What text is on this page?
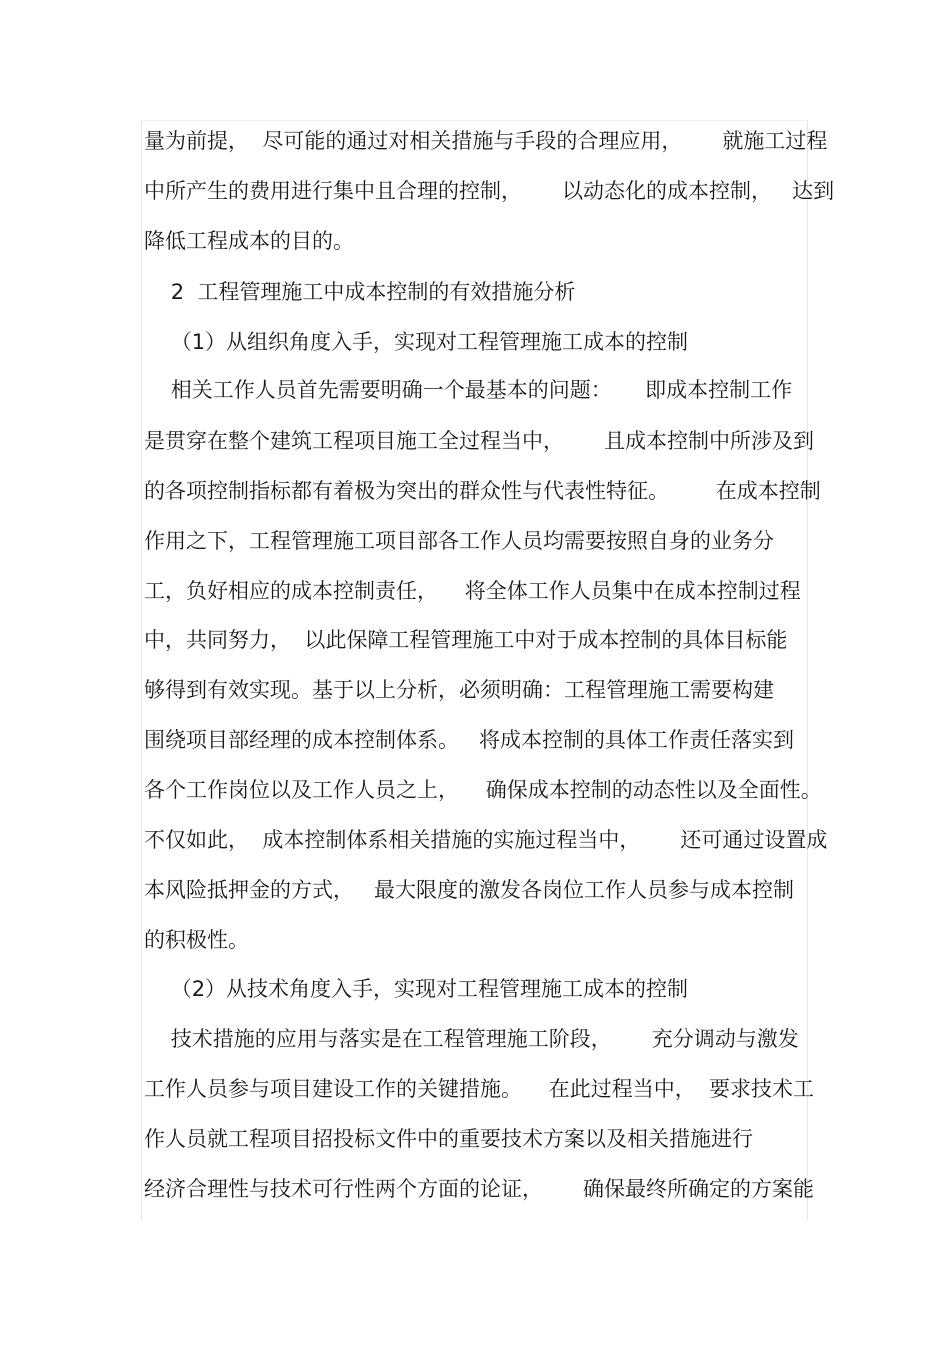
量为前提，  尽可能的通过对相关措施与手段的合理应用，      就施工过程
中所产生的费用进行集中且合理的控制，      以动态化的成本控制，   达到
降低工程成本的目的。
2  工程管理施工中成本控制的有效措施分析
（1）从组织角度入手，实现对工程管理施工成本的控制
相关工作人员首先需要明确一个最基本的问题：     即成本控制工作
是贯穿在整个建筑工程项目施工全过程当中，      且成本控制中所涉及到
的各项控制指标都有着极为突出的群众性与代表性特征。       在成本控制
作用之下，工程管理施工项目部各工作人员均需要按照自身的业务分
工，负好相应的成本控制责任，    将全体工作人员集中在成本控制过程
中，共同努力，  以此保障工程管理施工中对于成本控制的具体目标能
够得到有效实现。基于以上分析，必须明确：工程管理施工需要构建
围绕项目部经理的成本控制体系。   将成本控制的具体工作责任落实到
各个工作岗位以及工作人员之上，    确保成本控制的动态性以及全面性。
不仅如此，  成本控制体系相关措施的实施过程当中，      还可通过设置成
本风险抵押金的方式，   最大限度的激发各岗位工作人员参与成本控制
的积极性。
（2）从技术角度入手，实现对工程管理施工成本的控制
技术措施的应用与落实是在工程管理施工阶段，      充分调动与激发
工作人员参与项目建设工作的关键措施。    在此过程当中，  要求技术工
作人员就工程项目招投标文件中的重要技术方案以及相关措施进行
经济合理性与技术可行性两个方面的论证，      确保最终所确定的方案能
